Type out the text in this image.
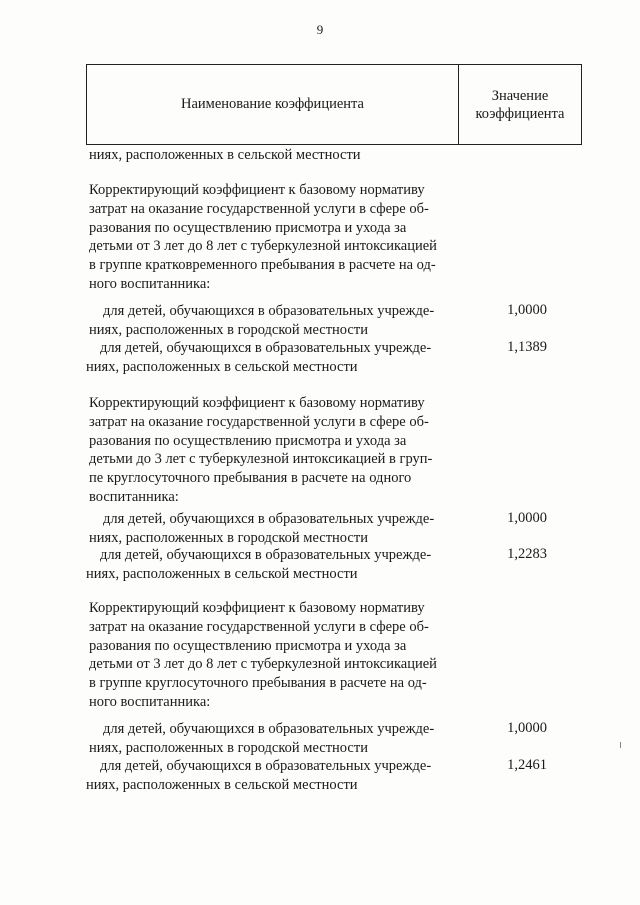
9
Наименование коэффициента
Значение
коэффициента
ниях, расположенных в сельской местности
Корректирующий коэффициент к базовому нормативу
затрат на оказание государственной услуги в сфере об-
разования по осуществлению присмотра и ухода за
детьми от 3 лет до 8 лет с туберкулезной интоксикацией
в группе кратковременного пребывания в расчете на од-
ного воспитанника:
для детей, обучающихся в образовательных учрежде-
ниях, расположенных в городской местности
1,0000
для детей, обучающихся в образовательных учрежде-
ниях, расположенных в сельской местности
1,1389
Корректирующий коэффициент к базовому нормативу
затрат на оказание государственной услуги в сфере об-
разования по осуществлению присмотра и ухода за
детьми до 3 лет с туберкулезной интоксикацией в груп-
пе круглосуточного пребывания в расчете на одного
воспитанника:
для детей, обучающихся в образовательных учрежде-
ниях, расположенных в городской местности
1,0000
для детей, обучающихся в образовательных учрежде-
ниях, расположенных в сельской местности
1,2283
Корректирующий коэффициент к базовому нормативу
затрат на оказание государственной услуги в сфере об-
разования по осуществлению присмотра и ухода за
детьми от 3 лет до 8 лет с туберкулезной интоксикацией
в группе круглосуточного пребывания в расчете на од-
ного воспитанника:
для детей, обучающихся в образовательных учрежде-
ниях, расположенных в городской местности
1,0000
для детей, обучающихся в образовательных учрежде-
ниях, расположенных в сельской местности
1,2461
